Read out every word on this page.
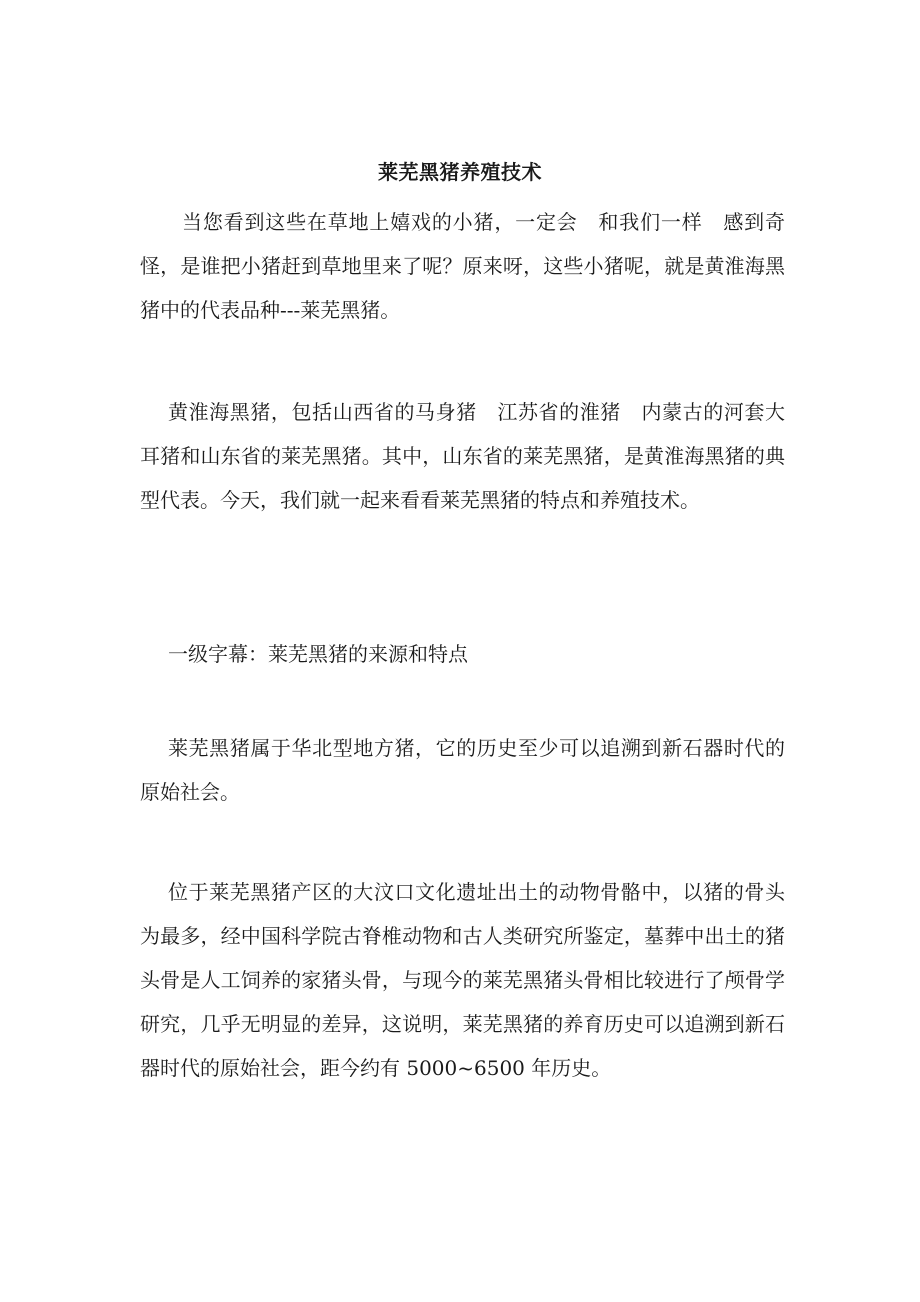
莱芜黑猪养殖技术

当您看到这些在草地上嬉戏的小猪，一定会　和我们一样　感到奇怪，是谁把小猪赶到草地里来了呢？原来呀，这些小猪呢，就是黄淮海黑猪中的代表品种---莱芜黑猪。

黄淮海黑猪，包括山西省的马身猪　江苏省的淮猪　内蒙古的河套大耳猪和山东省的莱芜黑猪。其中，山东省的莱芜黑猪，是黄淮海黑猪的典型代表。今天，我们就一起来看看莱芜黑猪的特点和养殖技术。

一级字幕：莱芜黑猪的来源和特点

莱芜黑猪属于华北型地方猪，它的历史至少可以追溯到新石器时代的原始社会。

位于莱芜黑猪产区的大汶口文化遗址出土的动物骨骼中，以猪的骨头为最多，经中国科学院古脊椎动物和古人类研究所鉴定，墓葬中出土的猪头骨是人工饲养的家猪头骨，与现今的莱芜黑猪头骨相比较进行了颅骨学研究，几乎无明显的差异，这说明，莱芜黑猪的养育历史可以追溯到新石器时代的原始社会，距今约有 5000~6500 年历史。
